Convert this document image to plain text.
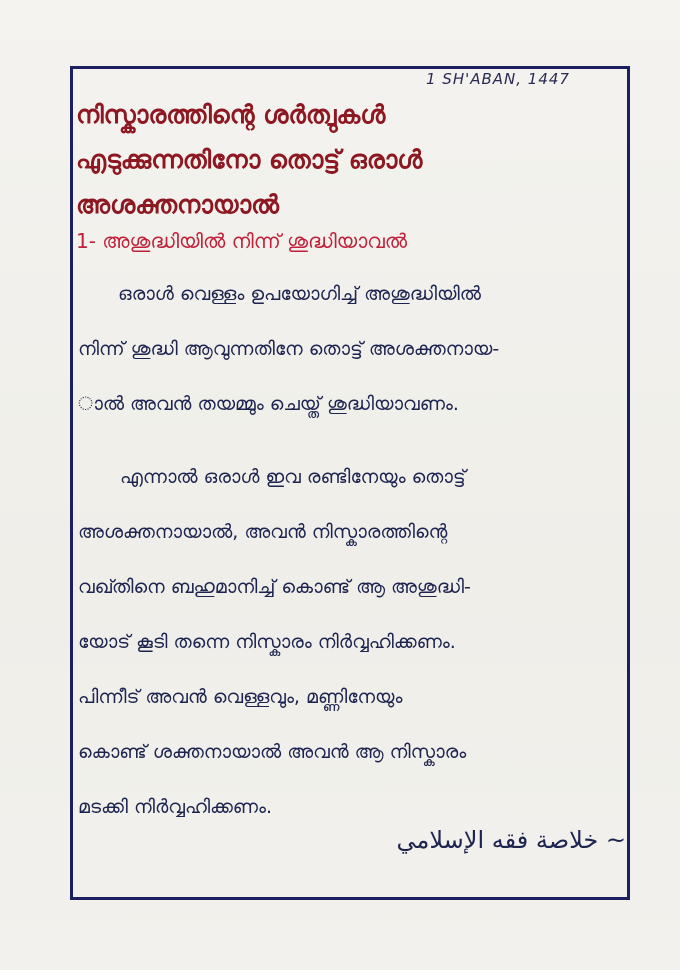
1 SH'ABAN, 1447
നിസ്കാരത്തിന്റെ ശർത്വുകൾ
എടുക്കുന്നതിനോ തൊട്ട് ഒരാൾ
അശക്തനായാൽ
1- അശുദ്ധിയിൽ നിന്ന് ശുദ്ധിയാവൽ
ഒരാൾ വെള്ളം ഉപയോഗിച്ച് അശുദ്ധിയിൽ
നിന്ന് ശുദ്ധി ആവുന്നതിനേ തൊട്ട് അശക്തനായ-
ാൽ അവൻ തയമ്മും ചെയ്ത് ശുദ്ധിയാവണം.
എന്നാൽ ഒരാൾ ഇവ രണ്ടിനേയും തൊട്ട്
അശക്തനായാൽ, അവൻ നിസ്കാരത്തിന്റെ
വഖ്തിനെ ബഹുമാനിച്ച് കൊണ്ട് ആ അശുദ്ധി-
യോട് കൂടി തന്നെ നിസ്കാരം നിർവ്വഹിക്കണം.
പിന്നീട് അവൻ വെള്ളവും, മണ്ണിനേയും
കൊണ്ട് ശക്തനായാൽ അവൻ ആ നിസ്കാരം
മടക്കി നിർവ്വഹിക്കണം.
~ خلاصة فقه الإسلامي
